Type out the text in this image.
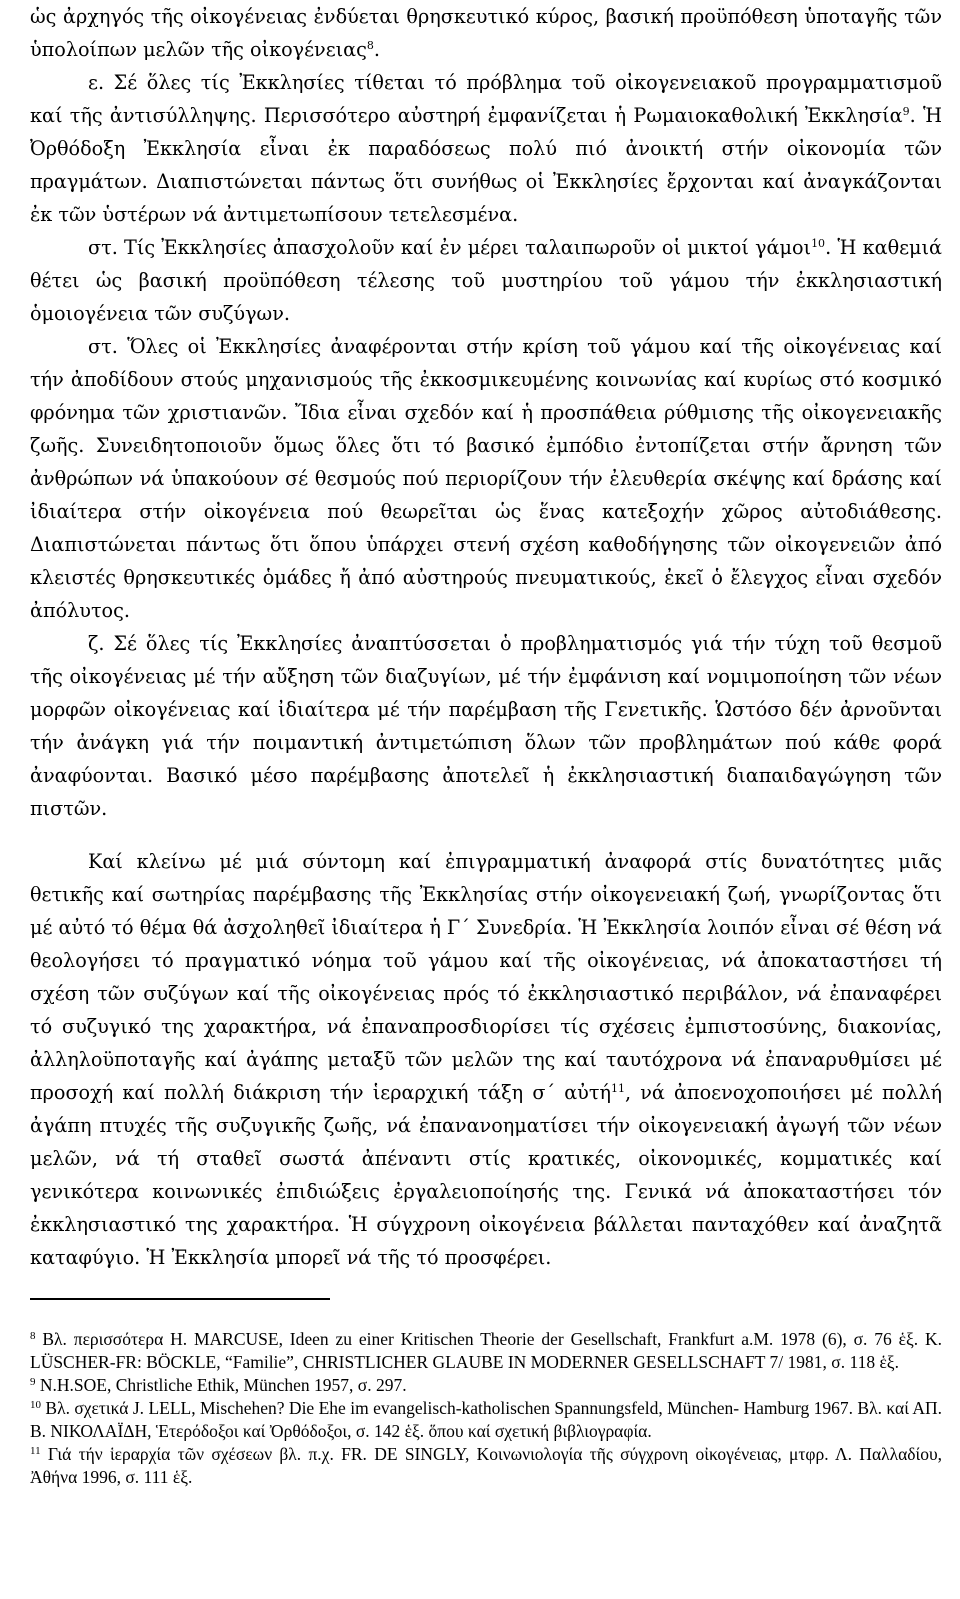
ὡς ἀρχηγός τῆς οἰκογένειας ἐνδύεται θρησκευτικό κύρος, βασική προϋπόθεση ὑποταγῆς τῶν ὑπολοίπων μελῶν τῆς οἰκογένειας$^8$.

ε. Σέ ὅλες τίς Ἐκκλησίες τίθεται τό πρόβλημα τοῦ οἰκογενειακοῦ προγραμματισμοῦ καί τῆς ἀντισύλληψης. Περισσότερο αὐστηρή ἐμφανίζεται ἡ Ρωμαιοκαθολική Ἐκκλησία$^9$. Ἡ Ὀρθόδοξη Ἐκκλησία εἶναι ἐκ παραδόσεως πολύ πιό ἀνοικτή στήν οἰκονομία τῶν πραγμάτων. Διαπιστώνεται πάντως ὅτι συνήθως οἱ Ἐκκλησίες ἔρχονται καί ἀναγκάζονται ἐκ τῶν ὑστέρων νά ἀντιμετωπίσουν τετελεσμένα.

στ. Τίς Ἐκκλησίες ἀπασχολοῦν καί ἐν μέρει ταλαιπωροῦν οἱ μικτοί γάμοι$^{10}$. Ἡ καθεμιά θέτει ὡς βασική προϋπόθεση τέλεσης τοῦ μυστηρίου τοῦ γάμου τήν ἐκκλησιαστική ὁμοιογένεια τῶν συζύγων.

στ. Ὅλες οἱ Ἐκκλησίες ἀναφέρονται στήν κρίση τοῦ γάμου καί τῆς οἰκογένειας καί τήν ἀποδίδουν στούς μηχανισμούς τῆς ἐκκοσμικευμένης κοινωνίας καί κυρίως στό κοσμικό φρόνημα τῶν χριστιανῶν. Ἴδια εἶναι σχεδόν καί ἡ προσπάθεια ρύθμισης τῆς οἰκογενειακῆς ζωῆς. Συνειδητοποιοῦν ὅμως ὅλες ὅτι τό βασικό ἐμπόδιο ἐντοπίζεται στήν ἄρνηση τῶν ἀνθρώπων νά ὑπακούουν σέ θεσμούς πού περιορίζουν τήν ἐλευθερία σκέψης καί δράσης καί ἰδιαίτερα στήν οἰκογένεια πού θεωρεῖται ὡς ἕνας κατεξοχήν χῶρος αὐτοδιάθεσης. Διαπιστώνεται πάντως ὅτι ὅπου ὑπάρχει στενή σχέση καθοδήγησης τῶν οἰκογενειῶν ἀπό κλειστές θρησκευτικές ὁμάδες ἤ ἀπό αὐστηρούς πνευματικούς, ἐκεῖ ὁ ἔλεγχος εἶναι σχεδόν ἀπόλυτος.

ζ. Σέ ὅλες τίς Ἐκκλησίες ἀναπτύσσεται ὁ προβληματισμός γιά τήν τύχη τοῦ θεσμοῦ τῆς οἰκογένειας μέ τήν αὔξηση τῶν διαζυγίων, μέ τήν ἐμφάνιση καί νομιμοποίηση τῶν νέων μορφῶν οἰκογένειας καί ἰδιαίτερα μέ τήν παρέμβαση τῆς Γενετικῆς. Ὡστόσο δέν ἀρνοῦνται τήν ἀνάγκη γιά τήν ποιμαντική ἀντιμετώπιση ὅλων τῶν προβλημάτων πού κάθε φορά ἀναφύονται. Βασικό μέσο παρέμβασης ἀποτελεῖ ἡ ἐκκλησιαστική διαπαιδαγώγηση τῶν πιστῶν.

Καί κλείνω μέ μιά σύντομη καί ἐπιγραμματική ἀναφορά στίς δυνατότητες μιᾶς θετικῆς καί σωτηρίας παρέμβασης τῆς Ἐκκλησίας στήν οἰκογενειακή ζωή, γνωρίζοντας ὅτι μέ αὐτό τό θέμα θά ἀσχοληθεῖ ἰδιαίτερα ἡ Γ΄ Συνεδρία. Ἡ Ἐκκλησία λοιπόν εἶναι σέ θέση νά θεολογήσει τό πραγματικό νόημα τοῦ γάμου καί τῆς οἰκογένειας, νά ἀποκαταστήσει τή σχέση τῶν συζύγων καί τῆς οἰκογένειας πρός τό ἐκκλησιαστικό περιβάλον, νά ἐπαναφέρει τό συζυγικό της χαρακτήρα, νά ἐπαναπροσδιορίσει τίς σχέσεις ἐμπιστοσύνης, διακονίας, ἀλληλοϋποταγῆς καί ἀγάπης μεταξῦ τῶν μελῶν της καί ταυτόχρονα νά ἐπαναρυθμίσει μέ προσοχή καί πολλή διάκριση τήν ἱεραρχική τάξη σ΄ αὐτή$^{11}$, νά ἀποενοχοποιήσει μέ πολλή ἀγάπη πτυχές τῆς συζυγικῆς ζωῆς, νά ἐπανανοηματίσει τήν οἰκογενειακή ἀγωγή τῶν νέων μελῶν, νά τή σταθεῖ σωστά ἀπέναντι στίς κρατικές, οἰκονομικές, κομματικές καί γενικότερα κοινωνικές ἐπιδιώξεις ἐργαλειοποίησής της. Γενικά νά ἀποκαταστήσει τόν ἐκκλησιαστικό της χαρακτήρα. Ἡ σύγχρονη οἰκογένεια βάλλεται πανταχόθεν καί ἀναζητᾶ καταφύγιο. Ἡ Ἐκκλησία μπορεῖ νά τῆς τό προσφέρει.

$^8$ Βλ. περισσότερα H. MARCUSE, Ideen zu einer Kritischen Theorie der Gesellschaft, Frankfurt a.M. 1978 (6), σ. 76 ἑξ. K. LÜSCHER-FR: BÖCKLE, “Familie”, CHRISTLICHER GLAUBE IN MODERNER GESELLSCHAFT 7/ 1981, σ. 118 ἑξ.

$^9$ N.H.SOE, Christliche Ethik, München 1957, σ. 297.

$^{10}$ Βλ. σχετικά J. LELL, Mischehen? Die Ehe im evangelisch-katholischen Spannungsfeld, München- Hamburg 1967. Βλ. καί ΑΠ. Β. ΝΙΚΟΛΑΪΔΗ, Ἑτερόδοξοι καί Ὀρθόδοξοι, σ. 142 ἑξ. ὅπου καί σχετική βιβλιογραφία.

$^{11}$ Γιά τήν ἱεραρχία τῶν σχέσεων βλ. π.χ. FR. DE SINGLY, Κοινωνιολογία τῆς σύγχρονη οἰκογένειας, μτφρ. Λ. Παλλαδίου, Ἀθήνα 1996, σ. 111 ἑξ.
